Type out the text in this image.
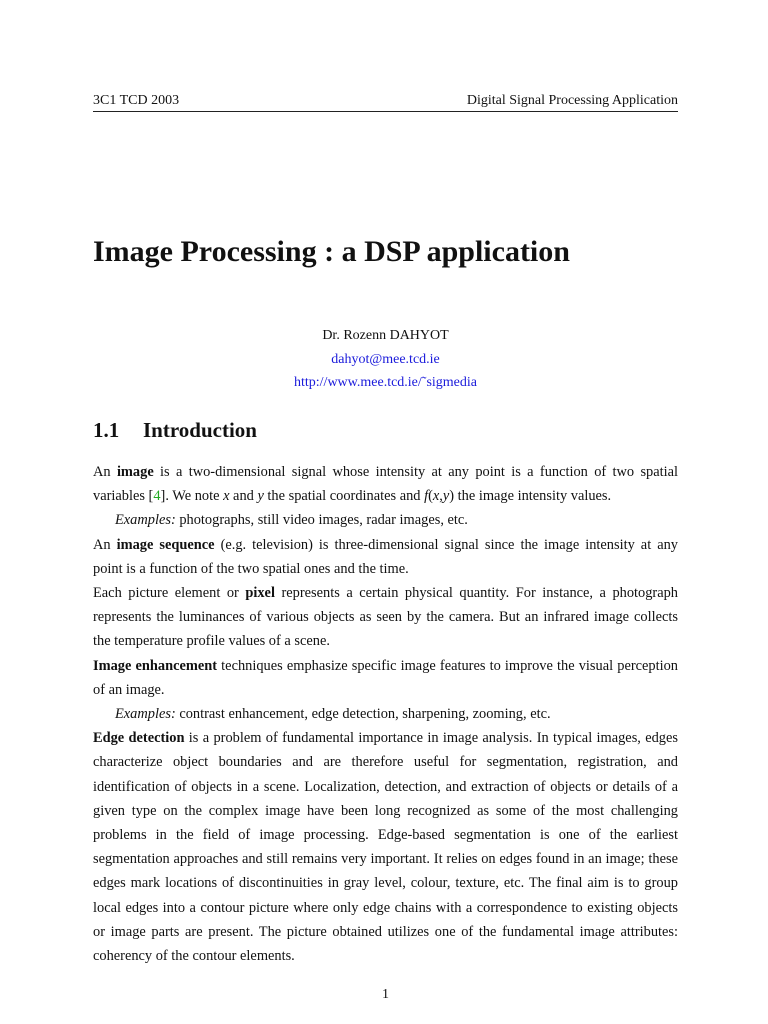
3C1 TCD 2003	Digital Signal Processing Application
Image Processing : a DSP application
Dr. Rozenn DAHYOT
dahyot@mee.tcd.ie
http://www.mee.tcd.ie/˜sigmedia
1.1 Introduction

An image is a two-dimensional signal whose intensity at any point is a function of two spatial variables [4]. We note x and y the spatial coordinates and f(x,y) the image intensity values.

Examples: photographs, still video images, radar images, etc.

An image sequence (e.g. television) is three-dimensional signal since the image intensity at any point is a function of the two spatial ones and the time.

Each picture element or pixel represents a certain physical quantity. For instance, a photograph represents the luminances of various objects as seen by the camera. But an infrared image collects the temperature profile values of a scene.

Image enhancement techniques emphasize specific image features to improve the visual perception of an image.

Examples: contrast enhancement, edge detection, sharpening, zooming, etc.

Edge detection is a problem of fundamental importance in image analysis. In typical images, edges characterize object boundaries and are therefore useful for segmentation, registration, and identification of objects in a scene. Localization, detection, and extraction of objects or details of a given type on the complex image have been long recognized as some of the most challenging problems in the field of image processing. Edge-based segmentation is one of the earliest segmentation approaches and still remains very important. It relies on edges found in an image; these edges mark locations of discontinuities in gray level, colour, texture, etc. The final aim is to group local edges into a contour picture where only edge chains with a correspondence to existing objects or image parts are present. The picture obtained utilizes one of the fundamental image attributes: coherency of the contour elements.

1
